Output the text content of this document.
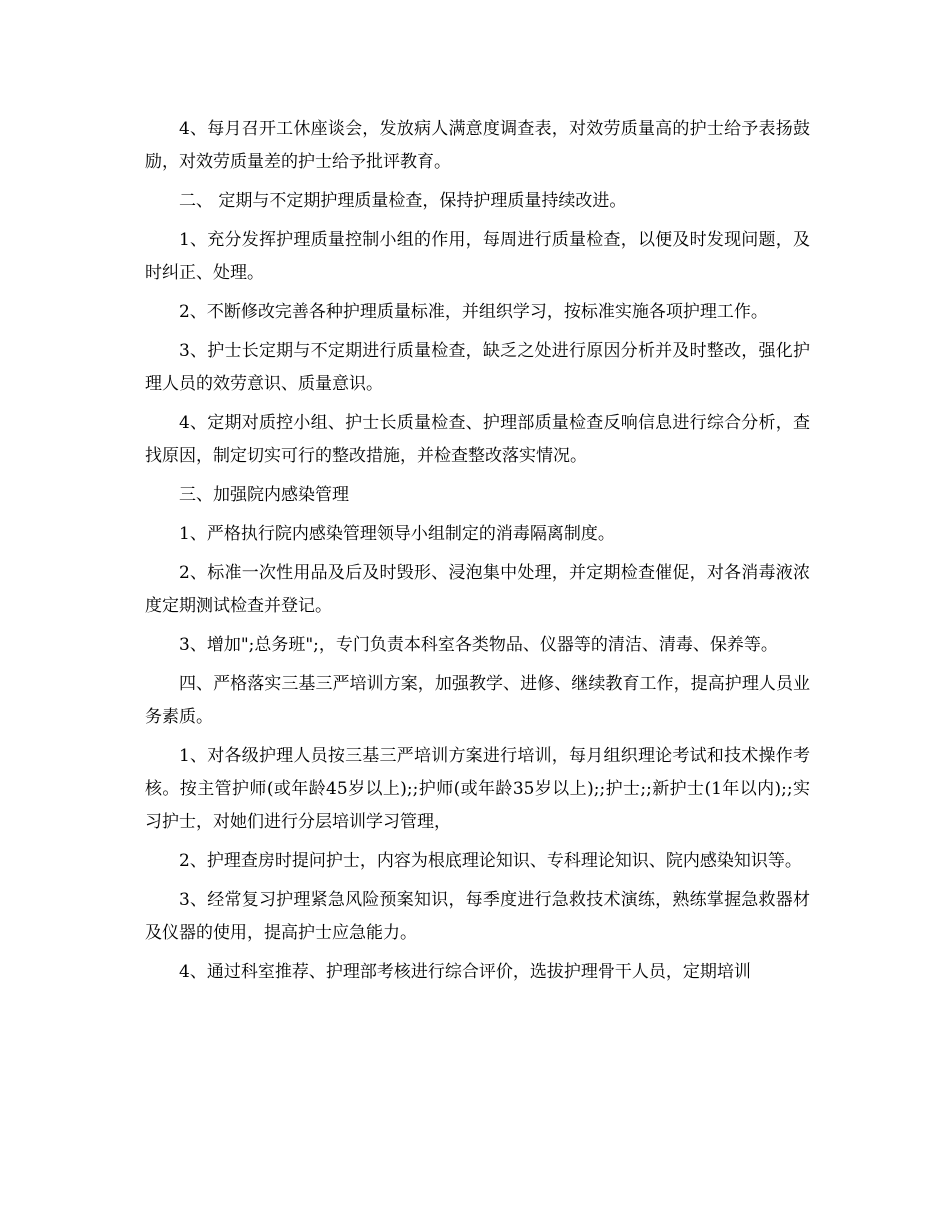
4、每月召开工休座谈会，发放病人满意度调查表，对效劳质量高的护士给予表扬鼓励，对效劳质量差的护士给予批评教育。

二、 定期与不定期护理质量检查，保持护理质量持续改进。

1、充分发挥护理质量控制小组的作用，每周进行质量检查，以便及时发现问题，及时纠正、处理。

2、不断修改完善各种护理质量标准，并组织学习，按标准实施各项护理工作。

3、护士长定期与不定期进行质量检查，缺乏之处进行原因分析并及时整改，强化护理人员的效劳意识、质量意识。

4、定期对质控小组、护士长质量检查、护理部质量检查反响信息进行综合分析，查找原因，制定切实可行的整改措施，并检查整改落实情况。

三、加强院内感染管理

1、严格执行院内感染管理领导小组制定的消毒隔离制度。

2、标准一次性用品及后及时毁形、浸泡集中处理，并定期检查催促，对各消毒液浓度定期测试检查并登记。

3、增加";总务班";，专门负责本科室各类物品、仪器等的清洁、清毒、保养等。

四、严格落实三基三严培训方案，加强教学、进修、继续教育工作，提高护理人员业务素质。

1、对各级护理人员按三基三严培训方案进行培训，每月组织理论考试和技术操作考核。按主管护师(或年龄45岁以上);;护师(或年龄35岁以上);;护士;;新护士(1年以内);;实习护士，对她们进行分层培训学习管理，

2、护理查房时提问护士，内容为根底理论知识、专科理论知识、院内感染知识等。

3、经常复习护理紧急风险预案知识，每季度进行急救技术演练，熟练掌握急救器材及仪器的使用，提高护士应急能力。

4、通过科室推荐、护理部考核进行综合评价，选拔护理骨干人员，定期培训
